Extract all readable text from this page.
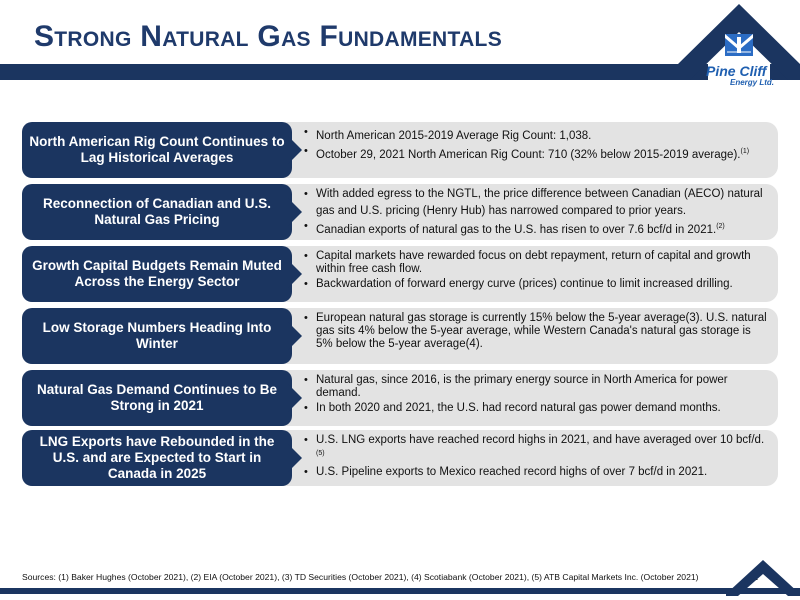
Strong Natural Gas Fundamentals
Pine Cliff
Energy Ltd.
North American Rig Count Continues to Lag Historical Averages
• North American 2015-2019 Average Rig Count: 1,038.
• October 29, 2021 North American Rig Count: 710 (32% below 2015-2019 average).$^{(1)}$
Reconnection of Canadian and U.S. Natural Gas Pricing
• With added egress to the NGTL, the price difference between Canadian (AECO) natural gas and U.S. pricing (Henry Hub) has narrowed compared to prior years.
• Canadian exports of natural gas to the U.S. has risen to over 7.6 bcf/d in 2021.$^{(2)}$
Growth Capital Budgets Remain Muted Across the Energy Sector
• Capital markets have rewarded focus on debt repayment, return of capital and growth within free cash flow.
• Backwardation of forward energy curve (prices) continue to limit increased drilling.
Low Storage Numbers Heading Into Winter
• European natural gas storage is currently 15% below the 5-year average(3). U.S. natural gas sits 4% below the 5-year average, while Western Canada's natural gas storage is 5% below the 5-year average(4).
Natural Gas Demand Continues to Be Strong in 2021
• Natural gas, since 2016, is the primary energy source in North America for power demand.
• In both 2020 and 2021, the U.S. had record natural gas power demand months.
LNG Exports have Rebounded in the U.S. and are Expected to Start in Canada in 2025
• U.S. LNG exports have reached record highs in 2021, and have averaged over 10 bcf/d.$^{(5)}$
• U.S. Pipeline exports to Mexico reached record highs of over 7 bcf/d in 2021.
Sources: (1) Baker Hughes (October 2021), (2) EIA (October 2021), (3) TD Securities (October 2021), (4) Scotiabank (October 2021), (5) ATB Capital Markets Inc. (October 2021)
